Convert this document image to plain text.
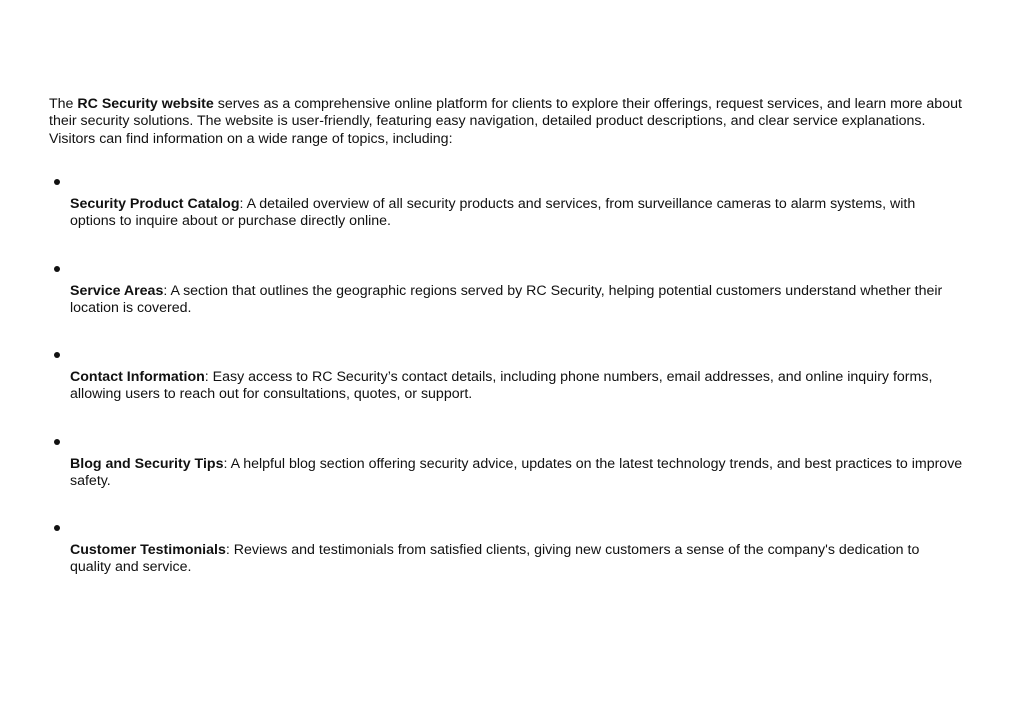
The RC Security website serves as a comprehensive online platform for clients to explore their offerings, request services, and learn more about their security solutions. The website is user-friendly, featuring easy navigation, detailed product descriptions, and clear service explanations. Visitors can find information on a wide range of topics, including:

Security Product Catalog: A detailed overview of all security products and services, from surveillance cameras to alarm systems, with options to inquire about or purchase directly online.
Service Areas: A section that outlines the geographic regions served by RC Security, helping potential customers understand whether their location is covered.
Contact Information: Easy access to RC Security’s contact details, including phone numbers, email addresses, and online inquiry forms, allowing users to reach out for consultations, quotes, or support.
Blog and Security Tips: A helpful blog section offering security advice, updates on the latest technology trends, and best practices to improve safety.
Customer Testimonials: Reviews and testimonials from satisfied clients, giving new customers a sense of the company's dedication to quality and service.
